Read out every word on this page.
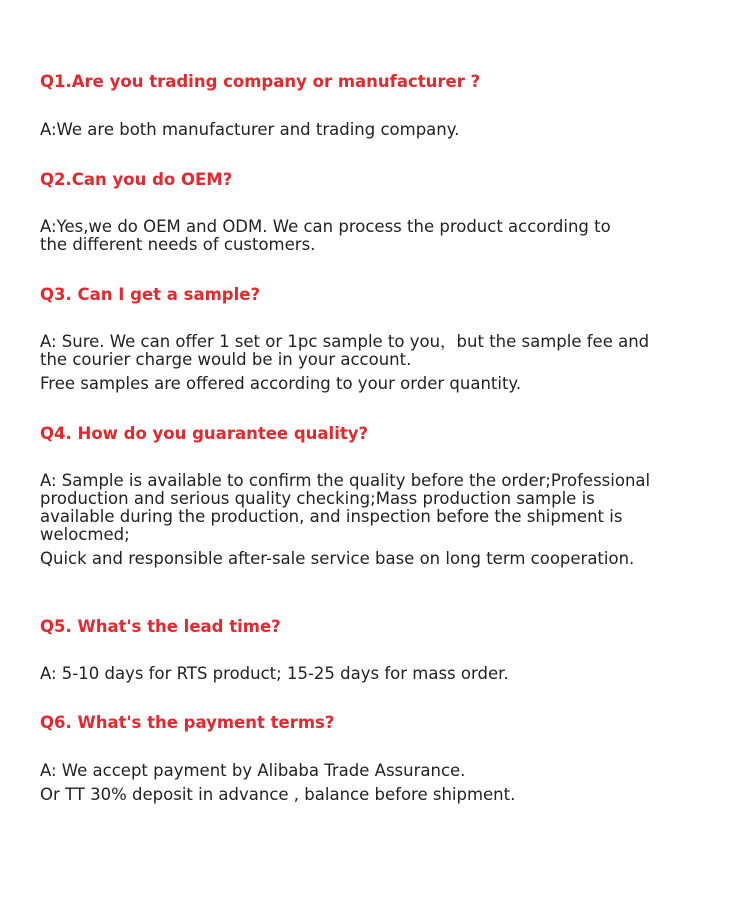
Q1.Are you trading company or manufacturer ?
A:We are both manufacturer and trading company.
Q2.Can you do OEM?
A:Yes,we do OEM and ODM. We can process the product according to
the different needs of customers.
Q3. Can I get a sample?
A: Sure. We can offer 1 set or 1pc sample to you，but the sample fee and
the courier charge would be in your account.
Free samples are offered according to your order quantity.
Q4. How do you guarantee quality?
A: Sample is available to confirm the quality before the order;Professional
production and serious quality checking;Mass production sample is
available during the production, and inspection before the shipment is
welocmed;
Quick and responsible after-sale service base on long term cooperation.
Q5. What's the lead time?
A: 5-10 days for RTS product; 15-25 days for mass order.
Q6. What's the payment terms?
A: We accept payment by Alibaba Trade Assurance.
Or TT 30% deposit in advance , balance before shipment.
